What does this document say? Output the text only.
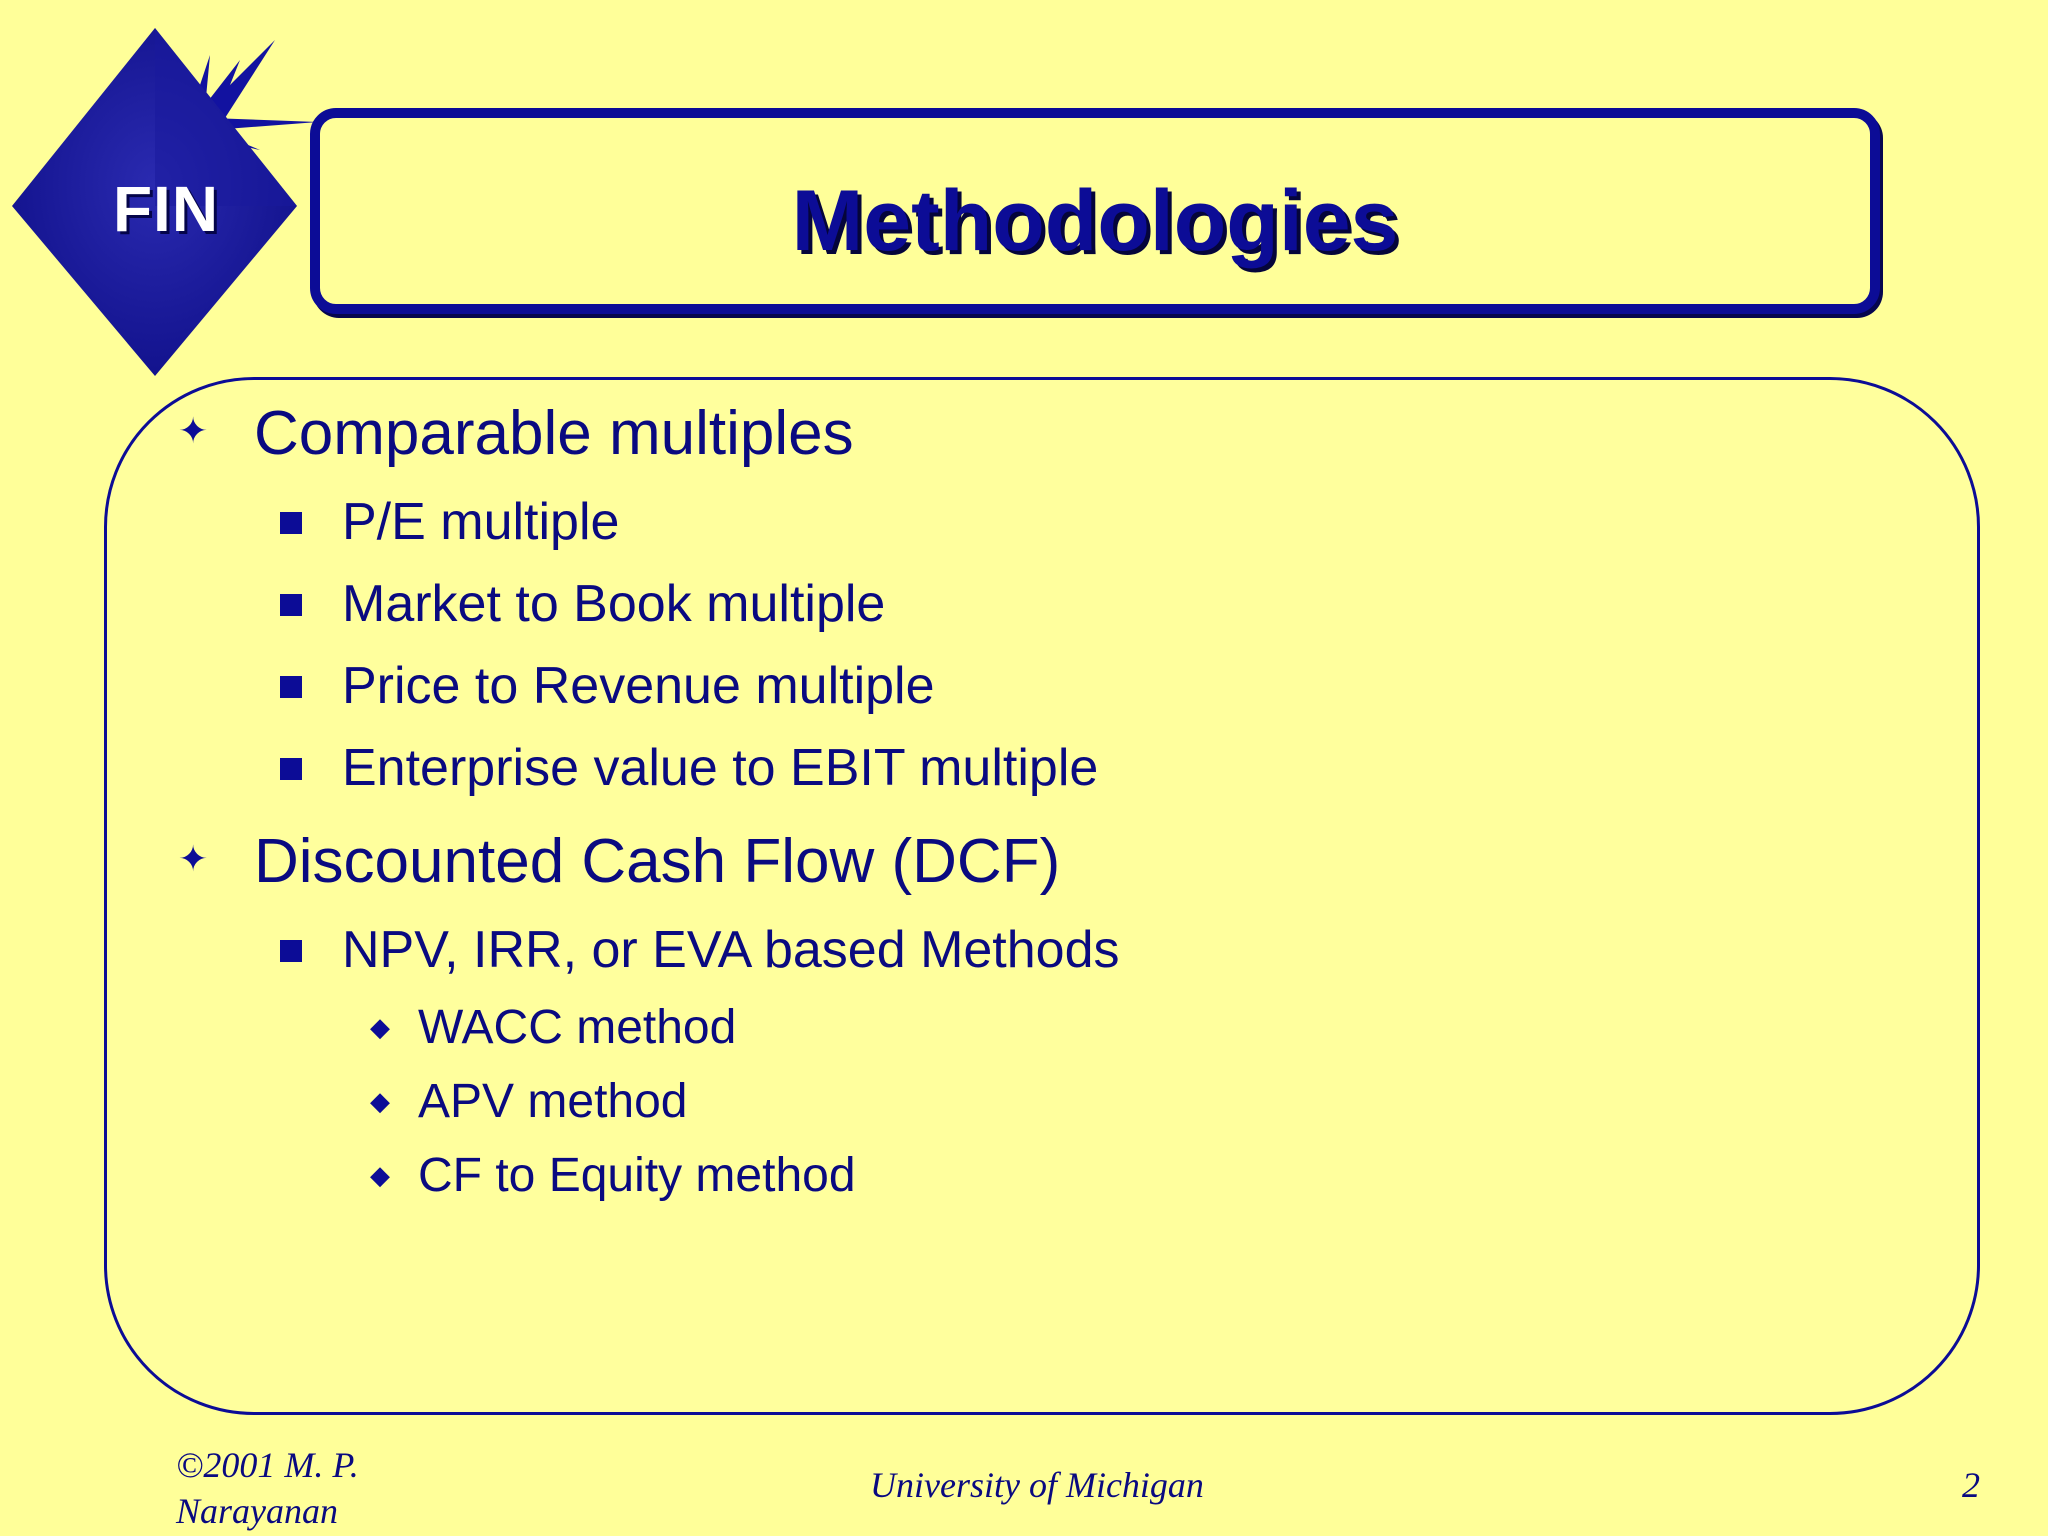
FIN	Methodologies
✦ Comparable multiples
P/E multiple
Market to Book multiple
Price to Revenue multiple
Enterprise value to EBIT multiple
✦ Discounted Cash Flow (DCF)
NPV, IRR, or EVA based Methods
◆ WACC method
◆ APV method
◆ CF to Equity method
©2001 M. P. Narayanan
University of Michigan	2
